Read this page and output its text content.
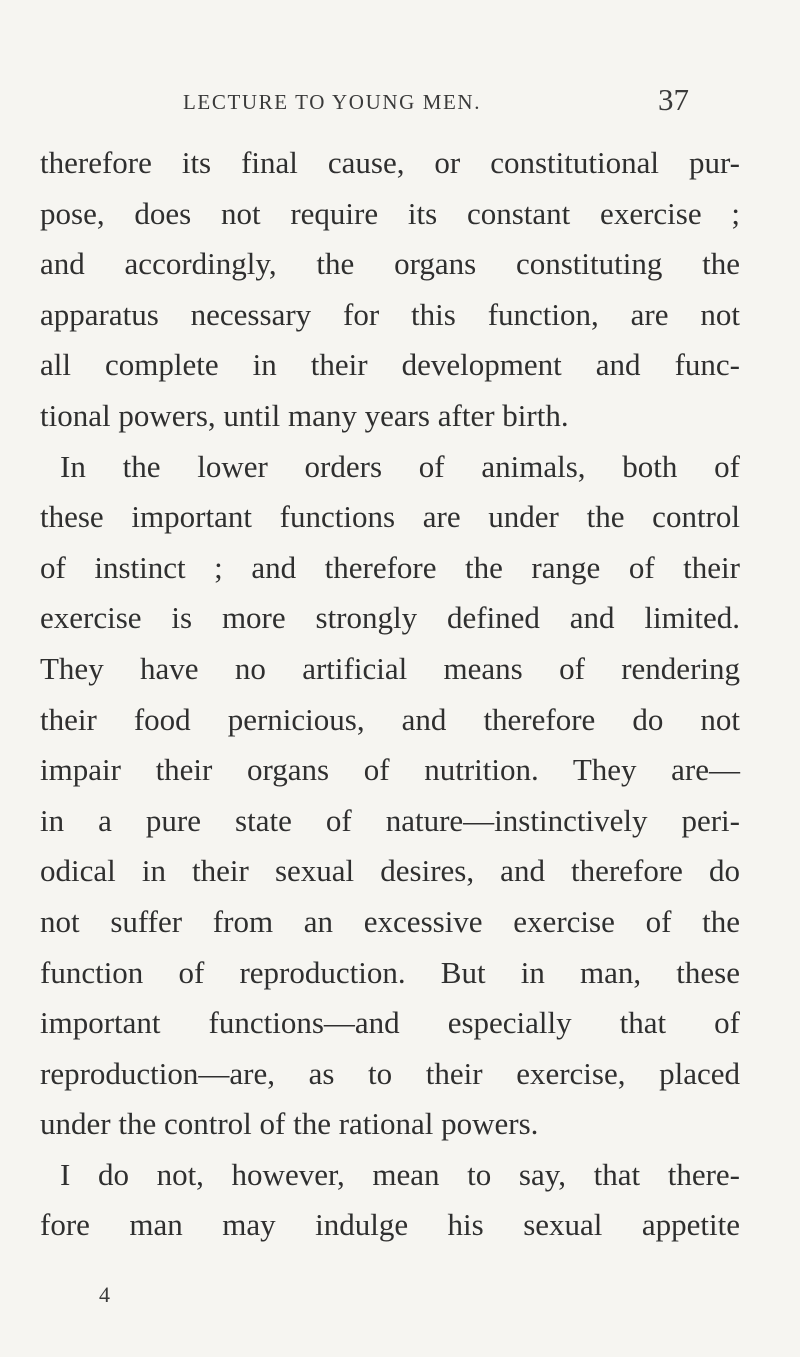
LECTURE TO YOUNG MEN.	37
therefore its final cause, or constitutional pur-
pose, does not require its constant exercise ;
and accordingly, the organs constituting the
apparatus necessary for this function, are not
all complete in their development and func-
tional powers, until many years after birth.
In the lower orders of animals, both of
these important functions are under the control
of instinct ; and therefore the range of their
exercise is more strongly defined and limited.
They have no artificial means of rendering
their food pernicious, and therefore do not
impair their organs of nutrition. They are—
in a pure state of nature—instinctively peri-
odical in their sexual desires, and therefore do
not suffer from an excessive exercise of the
function of reproduction. But in man, these
important functions—and especially that of
reproduction—are, as to their exercise, placed
under the control of the rational powers.
I do not, however, mean to say, that there-
fore man may indulge his sexual appetite
4
